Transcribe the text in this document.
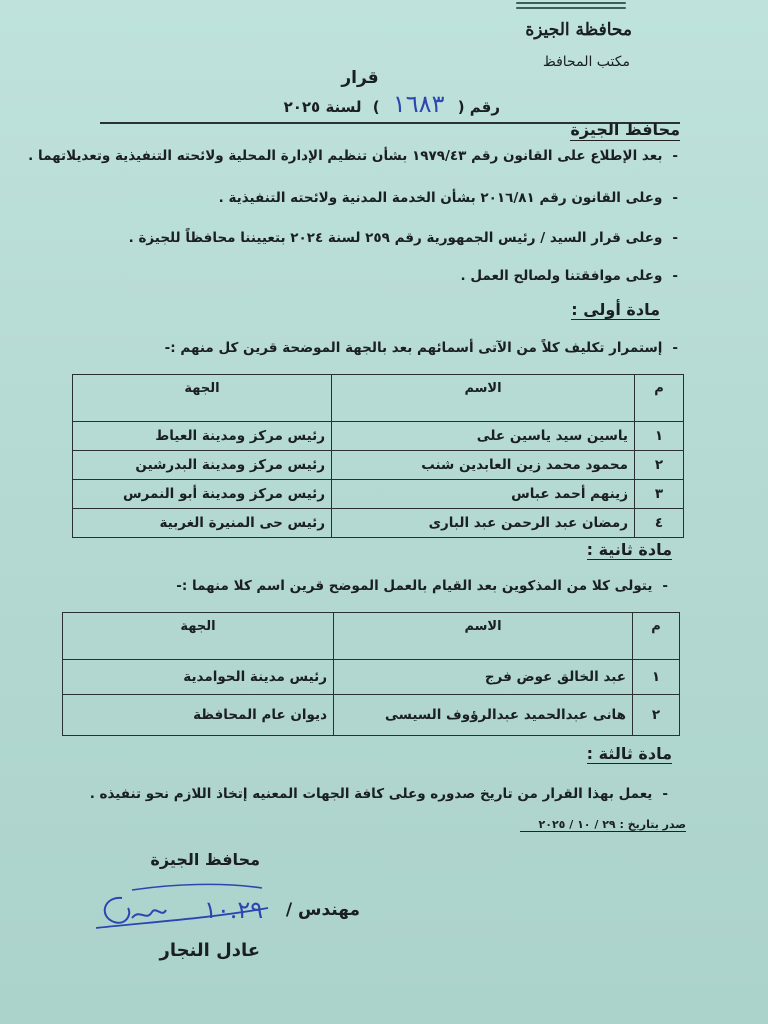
محافظة الجيزة
مكتب المحافظ
قرار
رقم ( ١٦٨٣ ) لسنة ٢٠٢٥
محافظ الجيزة
-بعد الإطلاع على القانون رقم ١٩٧٩/٤٣ بشأن تنظيم الإدارة المحلية ولائحته التنفيذية وتعديلاتهما .
-وعلى القانون رقم ٢٠١٦/٨١ بشأن الخدمة المدنية ولائحته التنفيذية .
-وعلى قرار السيد / رئيس الجمهورية رقم ٢٥٩ لسنة ٢٠٢٤ بتعييننا محافظاً للجيزة .
-وعلى موافقتنا ولصالح العمل .
مادة أولى :
-إستمرار تكليف كلاً من الآتى أسمائهم بعد بالجهة الموضحة قرين كل منهم :-
م	الاسم	الجهة
١	ياسين سيد ياسين على	رئيس مركز ومدينة العياط
٢	محمود محمد زين العابدين شنب	رئيس مركز ومدينة البدرشين
٣	زينهم أحمد عباس	رئيس مركز ومدينة أبو النمرس
٤	رمضان عبد الرحمن عبد البارى	رئيس حى المنيرة الغربية
مادة ثانية :
-يتولى كلا من المذكوين بعد القيام بالعمل الموضح قرين اسم كلا منهما :-
م	الاسم	الجهة
١	عبد الخالق عوض فرج	رئيس مدينة الحوامدية
٢	هانى عبدالحميد عبدالرؤوف السيسى	ديوان عام المحافظة
مادة ثالثة :
-يعمل بهذا القرار من تاريخ صدوره وعلى كافة الجهات المعنيه إتخاذ اللازم نحو تنفيذه .
صدر بتاريخ : ٢٩ / ١٠ / ٢٠٢٥
محافظ الجيزة
مهندس /
عادل النجار
١٠.٢٩
